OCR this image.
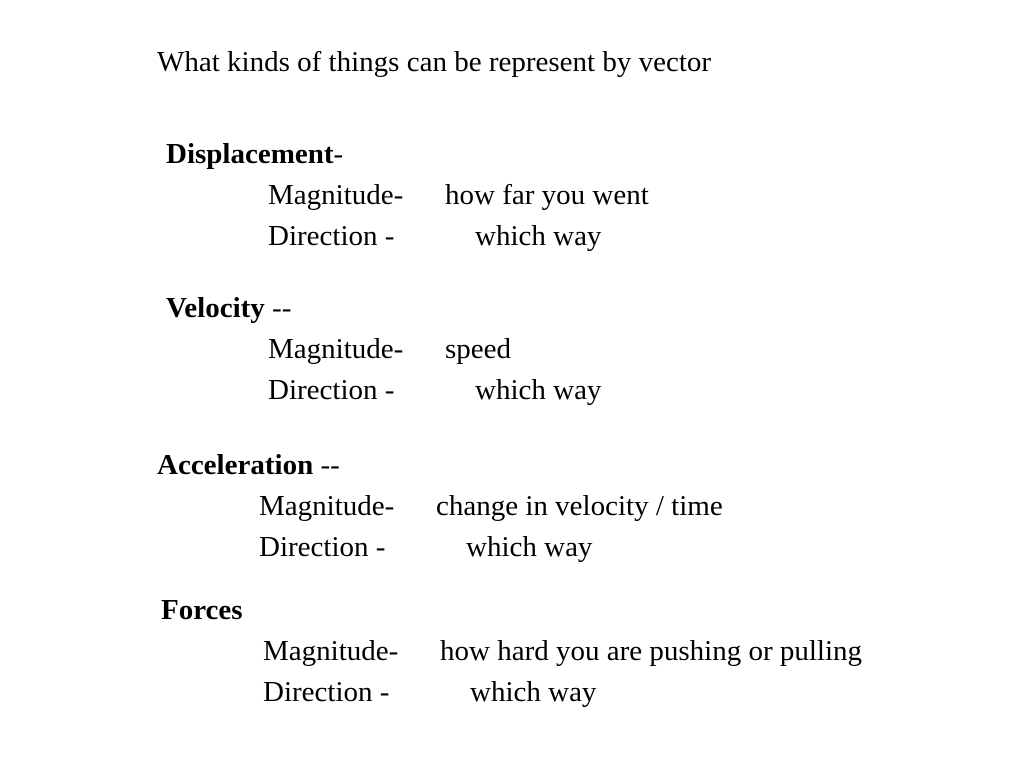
What kinds of things can be represent by vector
Displacement-
Magnitude- how far you went
Direction -	which way
Velocity --
Magnitude- speed
Direction -	which way
Acceleration --
Magnitude- change in velocity / time
Direction -	which way
Forces
Magnitude- how hard you are pushing or pulling
Direction -	which way
